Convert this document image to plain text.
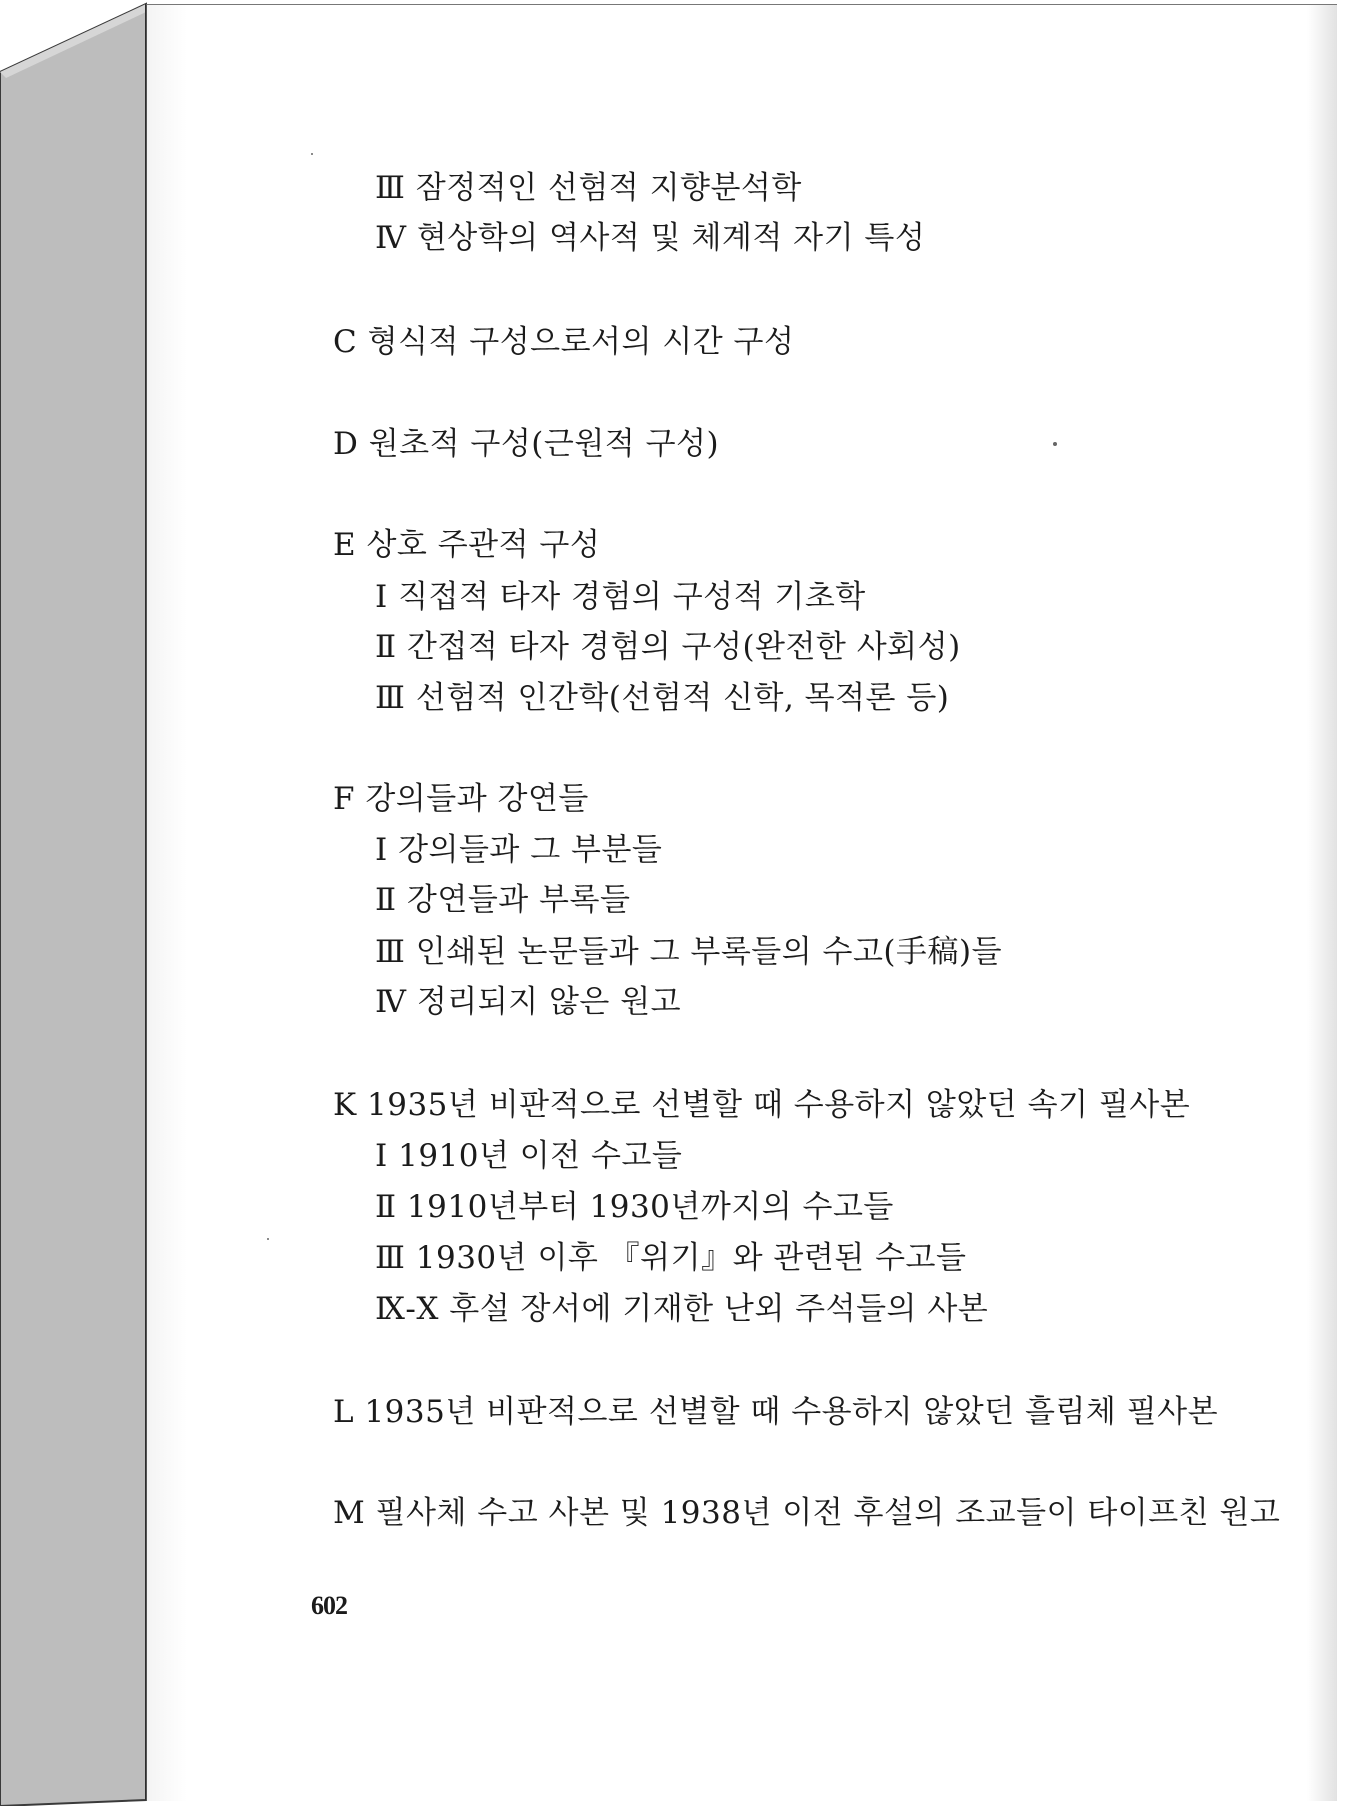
Ⅲ 잠정적인 선험적 지향분석학

Ⅳ 현상학의 역사적 및 체계적 자기 특성

C 형식적 구성으로서의 시간 구성

D 원초적 구성(근원적 구성)

E 상호 주관적 구성

Ⅰ 직접적 타자 경험의 구성적 기초학

Ⅱ 간접적 타자 경험의 구성(완전한 사회성)

Ⅲ 선험적 인간학(선험적 신학, 목적론 등)

F 강의들과 강연들

Ⅰ 강의들과 그 부분들

Ⅱ 강연들과 부록들

Ⅲ 인쇄된 논문들과 그 부록들의 수고(手稿)들

Ⅳ 정리되지 않은 원고

K 1935년 비판적으로 선별할 때 수용하지 않았던 속기 필사본

Ⅰ 1910년 이전 수고들

Ⅱ 1910년부터 1930년까지의 수고들

Ⅲ 1930년 이후 『위기』와 관련된 수고들

Ⅸ-Ⅹ 후설 장서에 기재한 난외 주석들의 사본

L 1935년 비판적으로 선별할 때 수용하지 않았던 흘림체 필사본

M 필사체 수고 사본 및 1938년 이전 후설의 조교들이 타이프친 원고

602
